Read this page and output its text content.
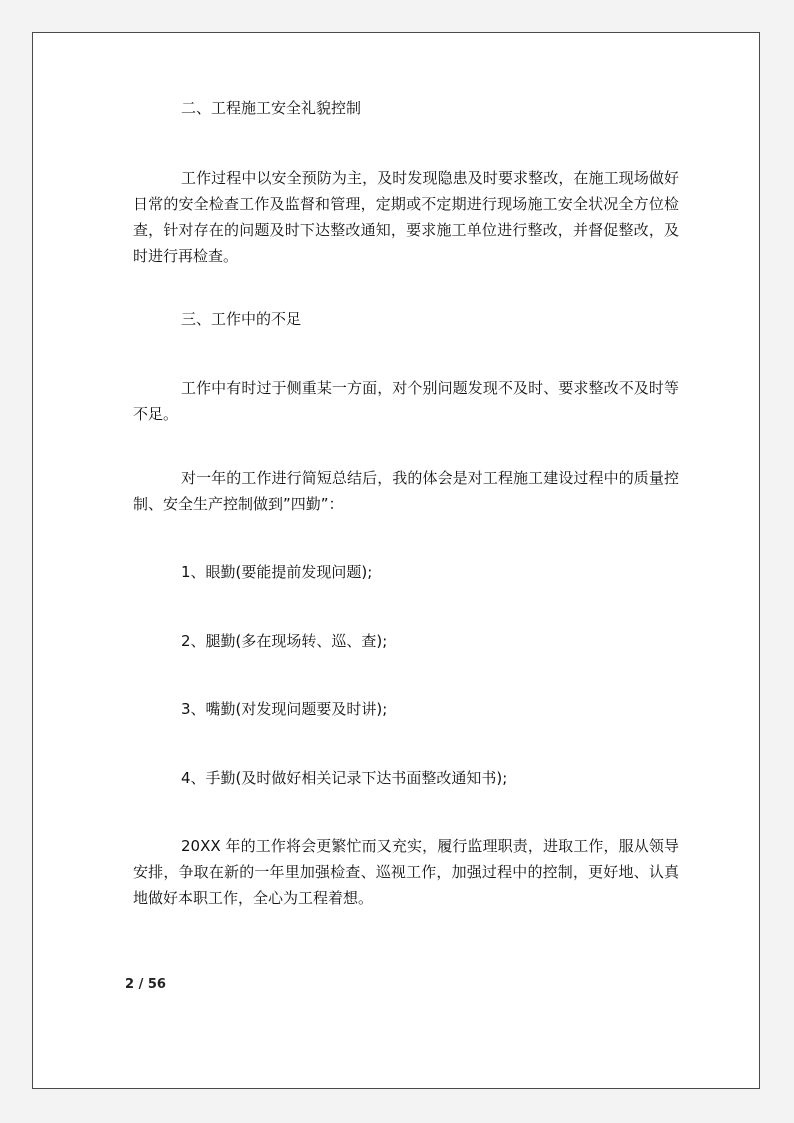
二、工程施工安全礼貌控制
工作过程中以安全预防为主，及时发现隐患及时要求整改，在施工现场做好日常的安全检查工作及监督和管理，定期或不定期进行现场施工安全状况全方位检查，针对存在的问题及时下达整改通知，要求施工单位进行整改，并督促整改，及时进行再检查。
三、工作中的不足
工作中有时过于侧重某一方面，对个别问题发现不及时、要求整改不及时等不足。
对一年的工作进行简短总结后，我的体会是对工程施工建设过程中的质量控制、安全生产控制做到”四勤”：
1、眼勤(要能提前发现问题);
2、腿勤(多在现场转、巡、查);
3、嘴勤(对发现问题要及时讲);
4、手勤(及时做好相关记录下达书面整改通知书);
20XX 年的工作将会更繁忙而又充实，履行监理职责，进取工作，服从领导安排，争取在新的一年里加强检查、巡视工作，加强过程中的控制，更好地、认真地做好本职工作，全心为工程着想。
2 / 56
